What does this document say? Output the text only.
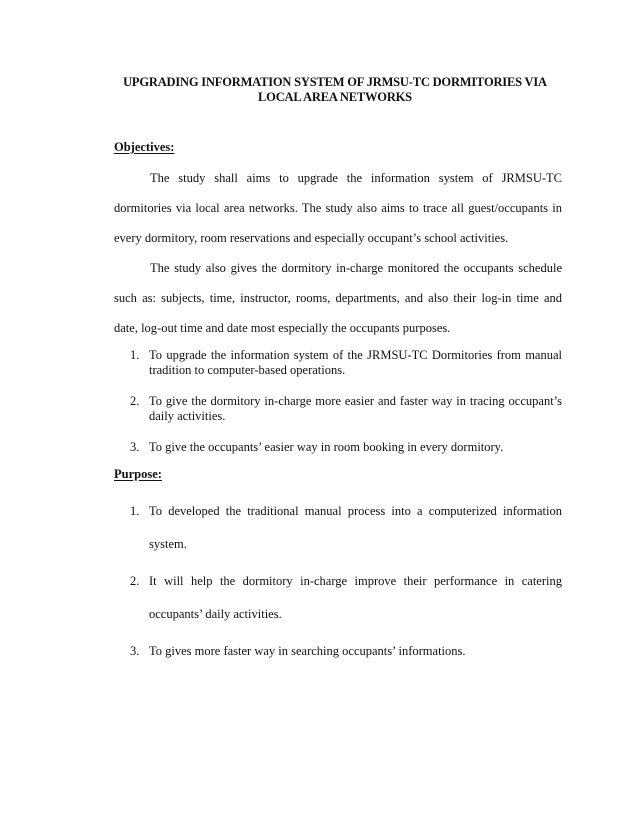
UPGRADING INFORMATION SYSTEM OF JRMSU-TC DORMITORIES VIA LOCAL AREA NETWORKS
Objectives:
The study shall aims to upgrade the information system of JRMSU-TC dormitories via local area networks. The study also aims to trace all guest/occupants in every dormitory, room reservations and especially occupant’s school activities.
The study also gives the dormitory in-charge monitored the occupants schedule such as: subjects, time, instructor, rooms, departments, and also their log-in time and date, log-out time and date most especially the occupants purposes.
1. To upgrade the information system of the JRMSU-TC Dormitories from manual tradition to computer-based operations.
2. To give the dormitory in-charge more easier and faster way in tracing occupant’s daily activities.
3. To give the occupants’ easier way in room booking in every dormitory.
Purpose:
1. To developed the traditional manual process into a computerized information system.
2. It will help the dormitory in-charge improve their performance in catering occupants’ daily activities.
3. To gives more faster way in searching occupants’ informations.
